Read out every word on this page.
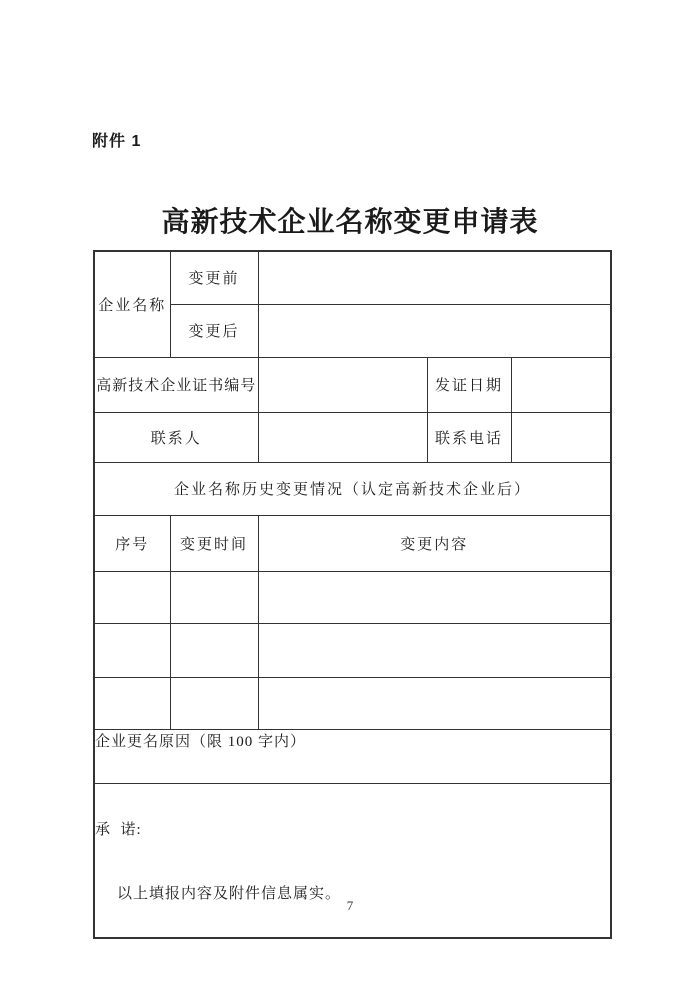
附件 1
高新技术企业名称变更申请表
企业名称	变更前			
	变更后			
高新技术企业证书编号			发证日期	
联系人			联系电话	
企业名称历史变更情况（认定高新技术企业后）				
序号	变更时间	变更内容		

企业更名原因（限 100 字内）				

承  诺:

以上填报内容及附件信息属实。				

7
